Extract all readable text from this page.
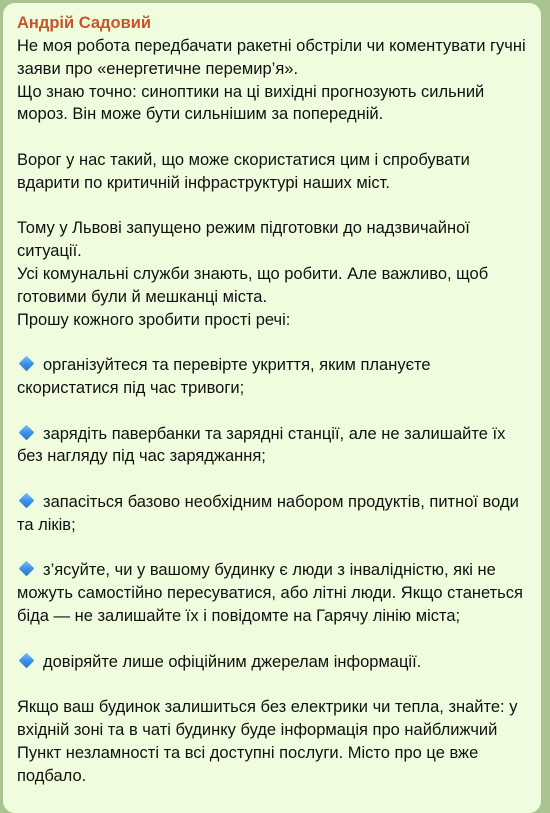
Андрій Садовий

Не моя робота передбачати ракетні обстріли чи коментувати гучні заяви про «енергетичне перемир’я».

Що знаю точно: синоптики на ці вихідні прогнозують сильний мороз. Він може бути сильнішим за попередній.

Ворог у нас такий, що може скористатися цим і спробувати вдарити по критичній інфраструктурі наших міст.

Тому у Львові запущено режим підготовки до надзвичайної ситуації.

Усі комунальні служби знають, що робити. Але важливо, щоб готовими були й мешканці міста.

Прошу кожного зробити прості речі:

організуйтеся та перевірте укриття, яким плануєте скористатися під час тривоги;

зарядіть павербанки та зарядні станції, але не залишайте їх без нагляду під час заряджання;

запасіться базово необхідним набором продуктів, питної води та ліків;

з’ясуйте, чи у вашому будинку є люди з інвалідністю, які не можуть самостійно пересуватися, або літні люди. Якщо станеться біда — не залишайте їх і повідомте на Гарячу лінію міста;

довіряйте лише офіційним джерелам інформації.

Якщо ваш будинок залишиться без електрики чи тепла, знайте: у вхідній зоні та в чаті будинку буде інформація про найближчий Пункт незламності та всі доступні послуги. Місто про це вже подбало.
